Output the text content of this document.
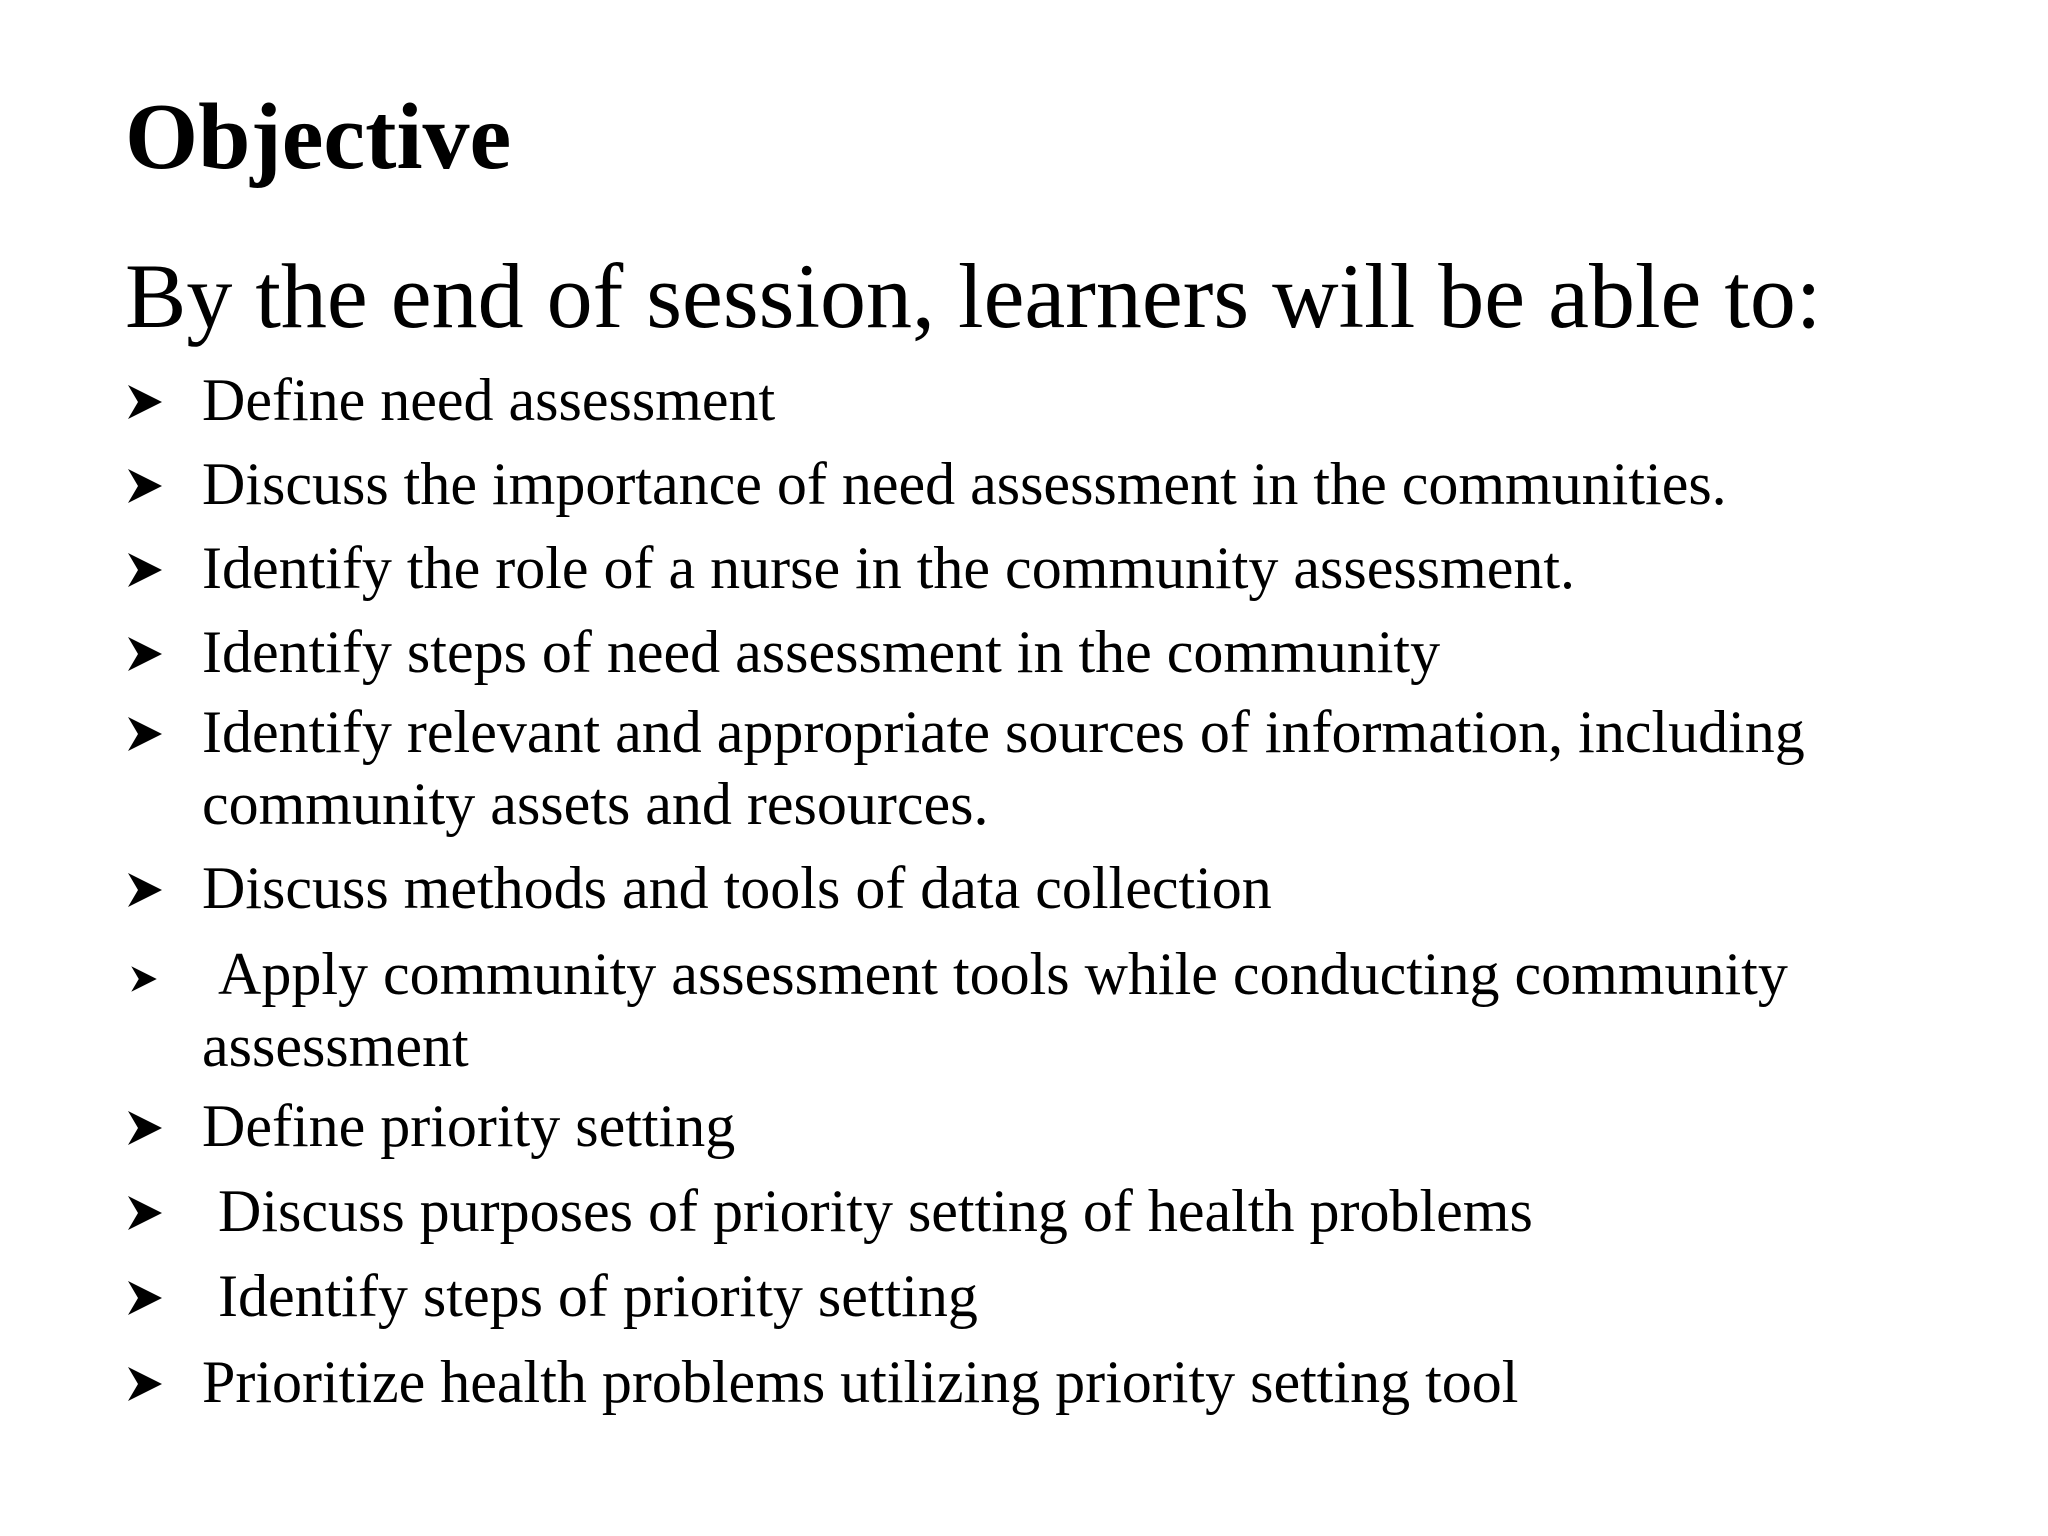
Objective

By the end of session, learners will be able to:

Define need assessment
Discuss the importance of need assessment in the communities.
Identify the role of a nurse in the community assessment.
Identify steps of need assessment in the community
Identify relevant and appropriate sources of information, including community assets and resources.
Discuss methods and tools of data collection
Apply community assessment tools while conducting community assessment
Define priority setting
Discuss purposes of priority setting of health problems
Identify steps of priority setting
Prioritize health problems utilizing priority setting tool
